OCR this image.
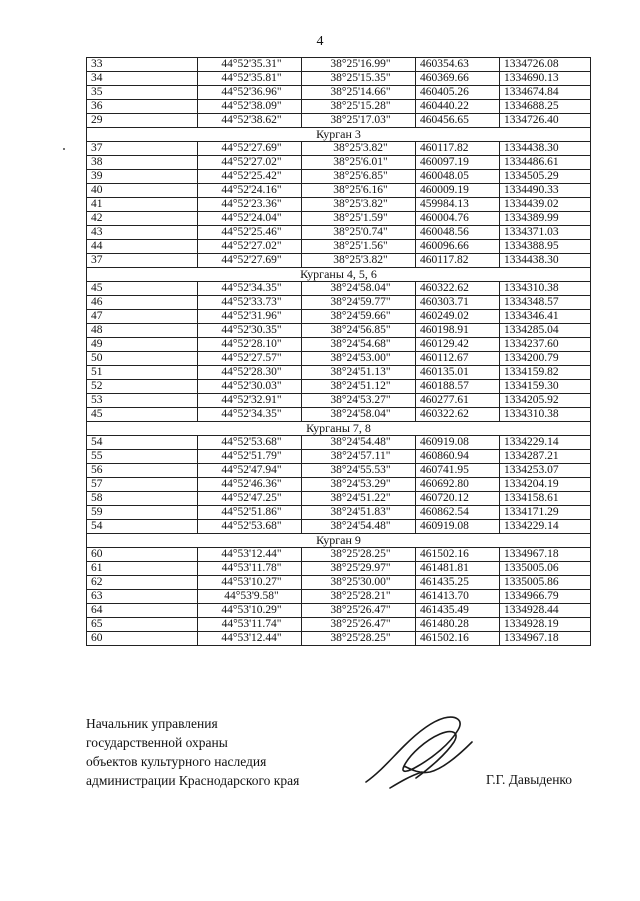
4
33	44°52'35.31"	38°25'16.99"	460354.63	1334726.08
34	44°52'35.81"	38°25'15.35"	460369.66	1334690.13
35	44°52'36.96"	38°25'14.66"	460405.26	1334674.84
36	44°52'38.09"	38°25'15.28"	460440.22	1334688.25
29	44°52'38.62"	38°25'17.03"	460456.65	1334726.40
Курган 3				
37	44°52'27.69"	38°25'3.82"	460117.82	1334438.30
38	44°52'27.02"	38°25'6.01"	460097.19	1334486.61
39	44°52'25.42"	38°25'6.85"	460048.05	1334505.29
40	44°52'24.16"	38°25'6.16"	460009.19	1334490.33
41	44°52'23.36"	38°25'3.82"	459984.13	1334439.02
42	44°52'24.04"	38°25'1.59"	460004.76	1334389.99
43	44°52'25.46"	38°25'0.74"	460048.56	1334371.03
44	44°52'27.02"	38°25'1.56"	460096.66	1334388.95
37	44°52'27.69"	38°25'3.82"	460117.82	1334438.30
Курганы 4, 5, 6				
45	44°52'34.35"	38°24'58.04"	460322.62	1334310.38
46	44°52'33.73"	38°24'59.77"	460303.71	1334348.57
47	44°52'31.96"	38°24'59.66"	460249.02	1334346.41
48	44°52'30.35"	38°24'56.85"	460198.91	1334285.04
49	44°52'28.10"	38°24'54.68"	460129.42	1334237.60
50	44°52'27.57"	38°24'53.00"	460112.67	1334200.79
51	44°52'28.30"	38°24'51.13"	460135.01	1334159.82
52	44°52'30.03"	38°24'51.12"	460188.57	1334159.30
53	44°52'32.91"	38°24'53.27"	460277.61	1334205.92
45	44°52'34.35"	38°24'58.04"	460322.62	1334310.38
Курганы 7, 8				
54	44°52'53.68"	38°24'54.48"	460919.08	1334229.14
55	44°52'51.79"	38°24'57.11"	460860.94	1334287.21
56	44°52'47.94"	38°24'55.53"	460741.95	1334253.07
57	44°52'46.36"	38°24'53.29"	460692.80	1334204.19
58	44°52'47.25"	38°24'51.22"	460720.12	1334158.61
59	44°52'51.86"	38°24'51.83"	460862.54	1334171.29
54	44°52'53.68"	38°24'54.48"	460919.08	1334229.14
Курган 9				
60	44°53'12.44"	38°25'28.25"	461502.16	1334967.18
61	44°53'11.78"	38°25'29.97"	461481.81	1335005.06
62	44°53'10.27"	38°25'30.00"	461435.25	1335005.86
63	44°53'9.58"	38°25'28.21"	461413.70	1334966.79
64	44°53'10.29"	38°25'26.47"	461435.49	1334928.44
65	44°53'11.74"	38°25'26.47"	461480.28	1334928.19
60	44°53'12.44"	38°25'28.25"	461502.16	1334967.18
Начальник управления
государственной охраны
объектов культурного наследия
администрации Краснодарского края	Г.Г. Давыденко
